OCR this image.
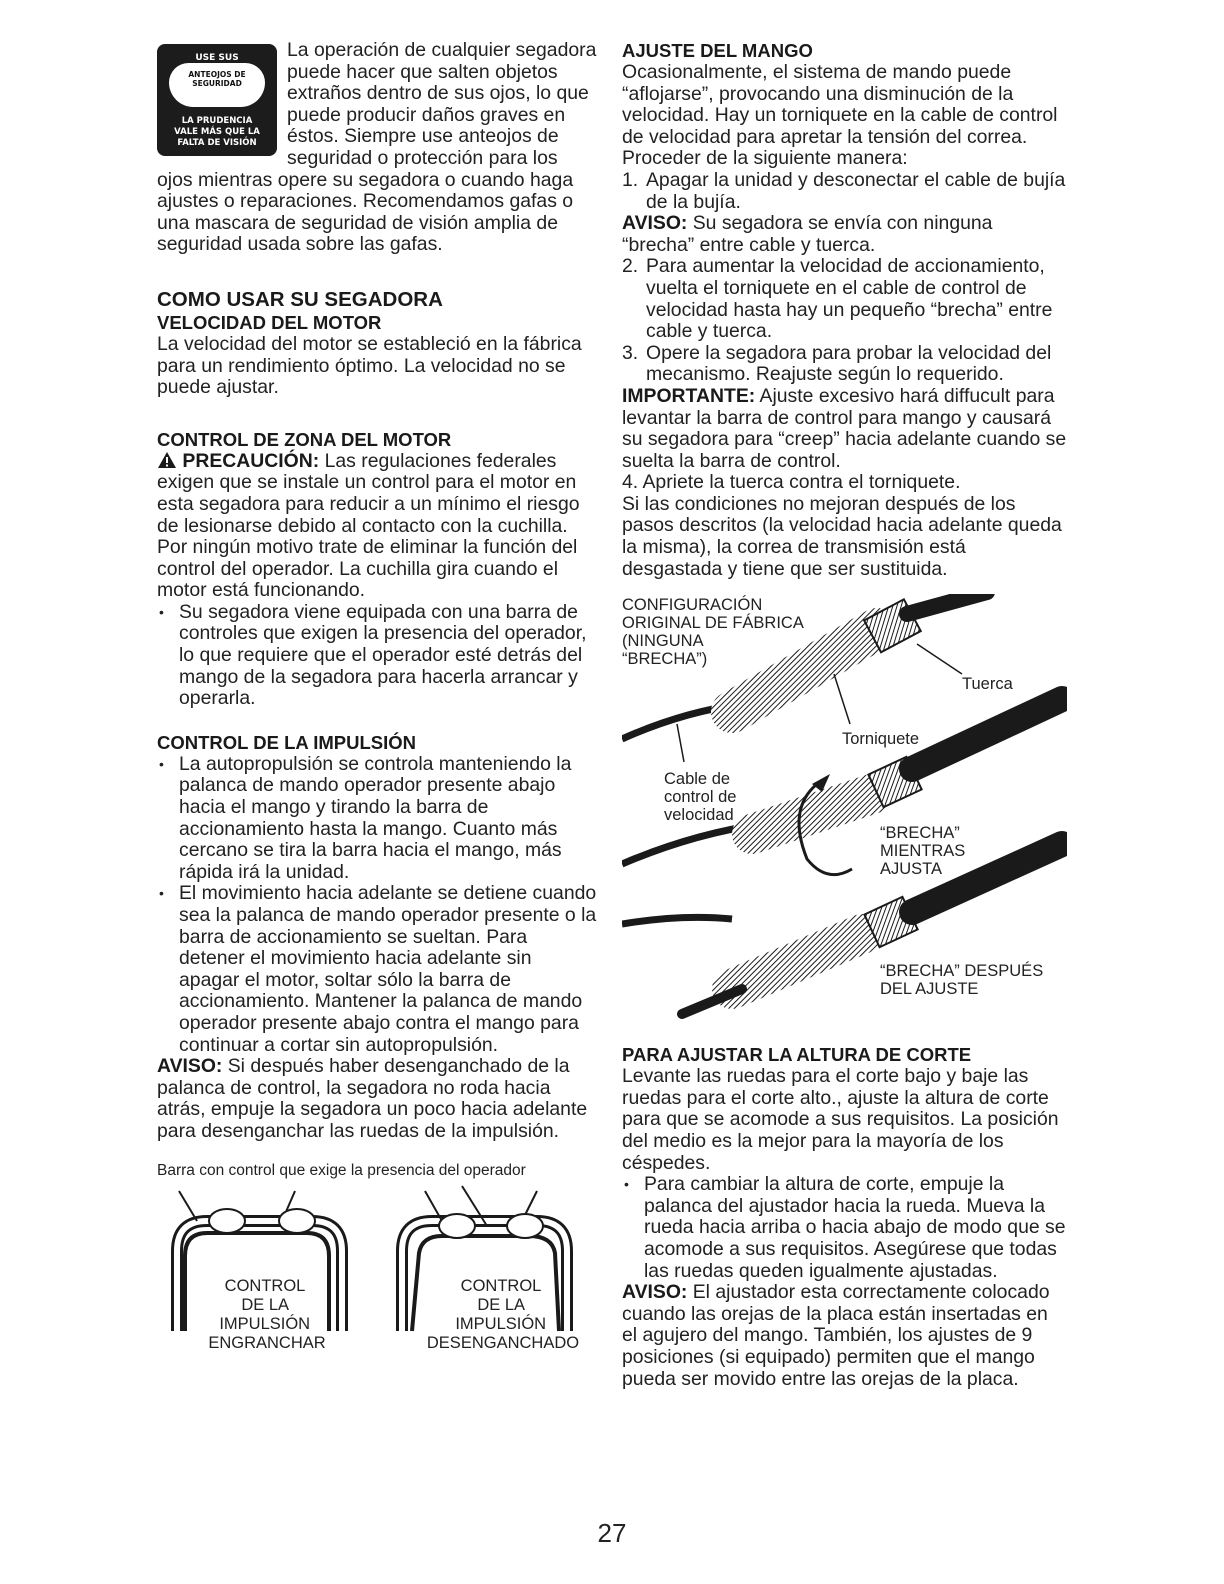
USE SUS
ANTEOJOS DE
SEGURIDAD
LA PRUDENCIA
VALE MÁS QUE LA
FALTA DE VISIÓN

La operación de cualquier segadora puede hacer que salten objetos extraños dentro de sus ojos, lo que puede producir daños graves en éstos. Siempre use anteojos de seguridad o protección para los ojos mientras opere su segadora o cuando haga ajustes o reparaciones. Recomendamos gafas o una mascara de seguridad de visión amplia de seguridad usada sobre las gafas.

COMO USAR SU SEGADORA
VELOCIDAD DEL MOTOR

La velocidad del motor se estableció en la fábrica para un rendimiento óptimo. La velocidad no se puede ajustar.

CONTROL DE ZONA DEL MOTOR

PRECAUCIÓN: Las regulaciones federales exigen que se instale un control para el motor en esta segadora para reducir a un mínimo el riesgo de lesionarse debido al contacto con la cuchilla. Por ningún motivo trate de eliminar la función del control del operador. La cuchilla gira cuando el motor está funcionando.

• Su segadora viene equipada con una barra de controles que exigen la presencia del operador, lo que requiere que el operador esté detrás del mango de la segadora para hacerla arrancar y operarla.

CONTROL DE LA IMPULSIÓN

• La autopropulsión se controla manteniendo la palanca de mando operador presente abajo hacia el mango y tirando la barra de accionamiento hasta la mango. Cuanto más cercano se tira la barra hacia el mango, más rápida irá la unidad.

• El movimiento hacia adelante se detiene cuando sea la palanca de mando operador presente o la barra de accionamiento se sueltan. Para detener el movimiento hacia adelante sin apagar el motor, soltar sólo la barra de accionamiento. Mantener la palanca de mando operador presente abajo contra el mango para continuar a cortar sin autopropulsión.

AVISO: Si después haber desenganchado de la palanca de control, la segadora no roda hacia atrás, empuje la segadora un poco hacia adelante para desenganchar las ruedas de la impulsión.

Barra con control que exige la presencia del operador
CONTROL DE LA IMPULSIÓN ENGRANCHAR
CONTROL DE LA IMPULSIÓN DESENGANCHADO
AJUSTE DEL MANGO

Ocasionalmente, el sistema de mando puede “aflojarse”, provocando una disminución de la velocidad. Hay un torniquete en la cable de control de velocidad para apretar la tensión del correa. Proceder de la siguiente manera:

1. Apagar la unidad y desconectar el cable de bujía de la bujía.

AVISO: Su segadora se envía con ninguna “brecha” entre cable y tuerca.

2. Para aumentar la velocidad de accionamiento, vuelta el torniquete en el cable de control de velocidad hasta hay un pequeño “brecha” entre cable y tuerca.

3. Opere la segadora para probar la velocidad del mecanismo. Reajuste según lo requerido.

IMPORTANTE: Ajuste excesivo hará diffucult para levantar la barra de control para mango y causará su segadora para “creep” hacia adelante cuando se suelta la barra de control.

4. Apriete la tuerca contra el torniquete.

Si las condiciones no mejoran después de los pasos descritos (la velocidad hacia adelante queda la misma), la correa de transmisión está desgastada y tiene que ser sustituida.

CONFIGURACIÓN ORIGINAL DE FÁBRICA (NINGUNA “BRECHA”)
Tuerca
Torniquete
Cable de control de velocidad
“BRECHA” MIENTRAS AJUSTA
“BRECHA” DESPUÉS DEL AJUSTE
PARA AJUSTAR LA ALTURA DE CORTE

Levante las ruedas para el corte bajo y baje las ruedas para el corte alto., ajuste la altura de corte para que se acomode a sus requisitos. La posición del medio es la mejor para la mayoría de los céspedes.

• Para cambiar la altura de corte, empuje la palanca del ajustador hacia la rueda. Mueva la rueda hacia arriba o hacia abajo de modo que se acomode a sus requisitos. Asegúrese que todas las ruedas queden igualmente ajustadas.

AVISO: El ajustador esta correctamente colocado cuando las orejas de la placa están insertadas en el agujero del mango. También, los ajustes de 9 posiciones (si equipado) permiten que el mango pueda ser movido entre las orejas de la placa.

27
